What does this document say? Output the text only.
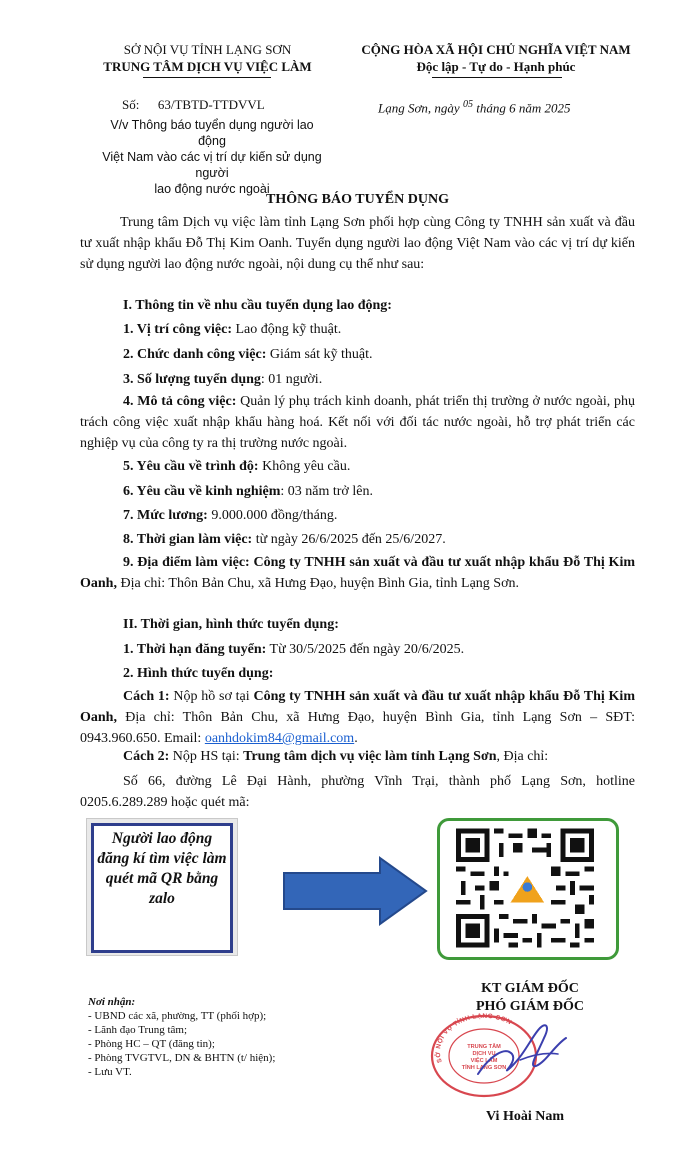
SỞ NỘI VỤ TỈNH LẠNG SƠN
TRUNG TÂM DỊCH VỤ VIỆC LÀM
CỘNG HÒA XÃ HỘI CHỦ NGHĨA VIỆT NAM
Độc lập - Tự do - Hạnh phúc
Số: 63/TBTD-TTDVVL	Lạng Sơn, ngày $^{05}$ tháng 6 năm 2025
V/v Thông báo tuyển dụng người lao động
Việt Nam vào các vị trí dự kiến sử dụng người
lao động nước ngoài
THÔNG BÁO TUYỂN DỤNG
Trung tâm Dịch vụ việc làm tỉnh Lạng Sơn phối hợp cùng Công ty TNHH sản xuất và đầu tư xuất nhập khẩu Đỗ Thị Kim Oanh. Tuyển dụng người lao động Việt Nam vào các vị trí dự kiến sử dụng người lao động nước ngoài, nội dung cụ thể như sau:
I. Thông tin về nhu cầu tuyển dụng lao động:
1. Vị trí công việc: Lao động kỹ thuật.
2. Chức danh công việc: Giám sát kỹ thuật.
3. Số lượng tuyển dụng: 01 người.
4. Mô tả công việc: Quản lý phụ trách kinh doanh, phát triển thị trường ở nước ngoài, phụ trách công việc xuất nhập khẩu hàng hoá. Kết nối với đối tác nước ngoài, hỗ trợ phát triển các nghiệp vụ của công ty ra thị trường nước ngoài.
5. Yêu cầu về trình độ: Không yêu cầu.
6. Yêu cầu về kinh nghiệm: 03 năm trở lên.
7. Mức lương: 9.000.000 đồng/tháng.
8. Thời gian làm việc: từ ngày 26/6/2025 đến 25/6/2027.
9. Địa điểm làm việc: Công ty TNHH sản xuất và đầu tư xuất nhập khẩu Đỗ Thị Kim Oanh, Địa chỉ: Thôn Bản Chu, xã Hưng Đạo, huyện Bình Gia, tỉnh Lạng Sơn.
II. Thời gian, hình thức tuyển dụng:
1. Thời hạn đăng tuyển: Từ 30/5/2025 đến ngày 20/6/2025.
2. Hình thức tuyển dụng:
Cách 1: Nộp hồ sơ tại Công ty TNHH sản xuất và đầu tư xuất nhập khẩu Đỗ Thị Kim Oanh, Địa chỉ: Thôn Bản Chu, xã Hưng Đạo, huyện Bình Gia, tỉnh Lạng Sơn – SĐT: 0943.960.650. Email: oanhdokim84@gmail.com.
Cách 2: Nộp HS tại: Trung tâm dịch vụ việc làm tỉnh Lạng Sơn, Địa chỉ:
Số 66, đường Lê Đại Hành, phường Vĩnh Trại, thành phố Lạng Sơn, hotline 0205.6.289.289 hoặc quét mã:
Người lao động đăng kí tìm việc làm quét mã QR bằng zalo
KT GIÁM ĐỐC
PHÓ GIÁM ĐỐC
SỞ NỘI VỤ TỈNH LẠNG SƠN
TRUNG TÂM
DỊCH VỤ
VIỆC LÀM
TỈNH LẠNG SƠN
Vi Hoài Nam
Nơi nhận:
- UBND các xã, phường, TT (phối hợp);
- Lãnh đạo Trung tâm;
- Phòng HC – QT (đăng tin);
- Phòng TVGTVL, DN & BHTN (t/ hiện);
- Lưu VT.
